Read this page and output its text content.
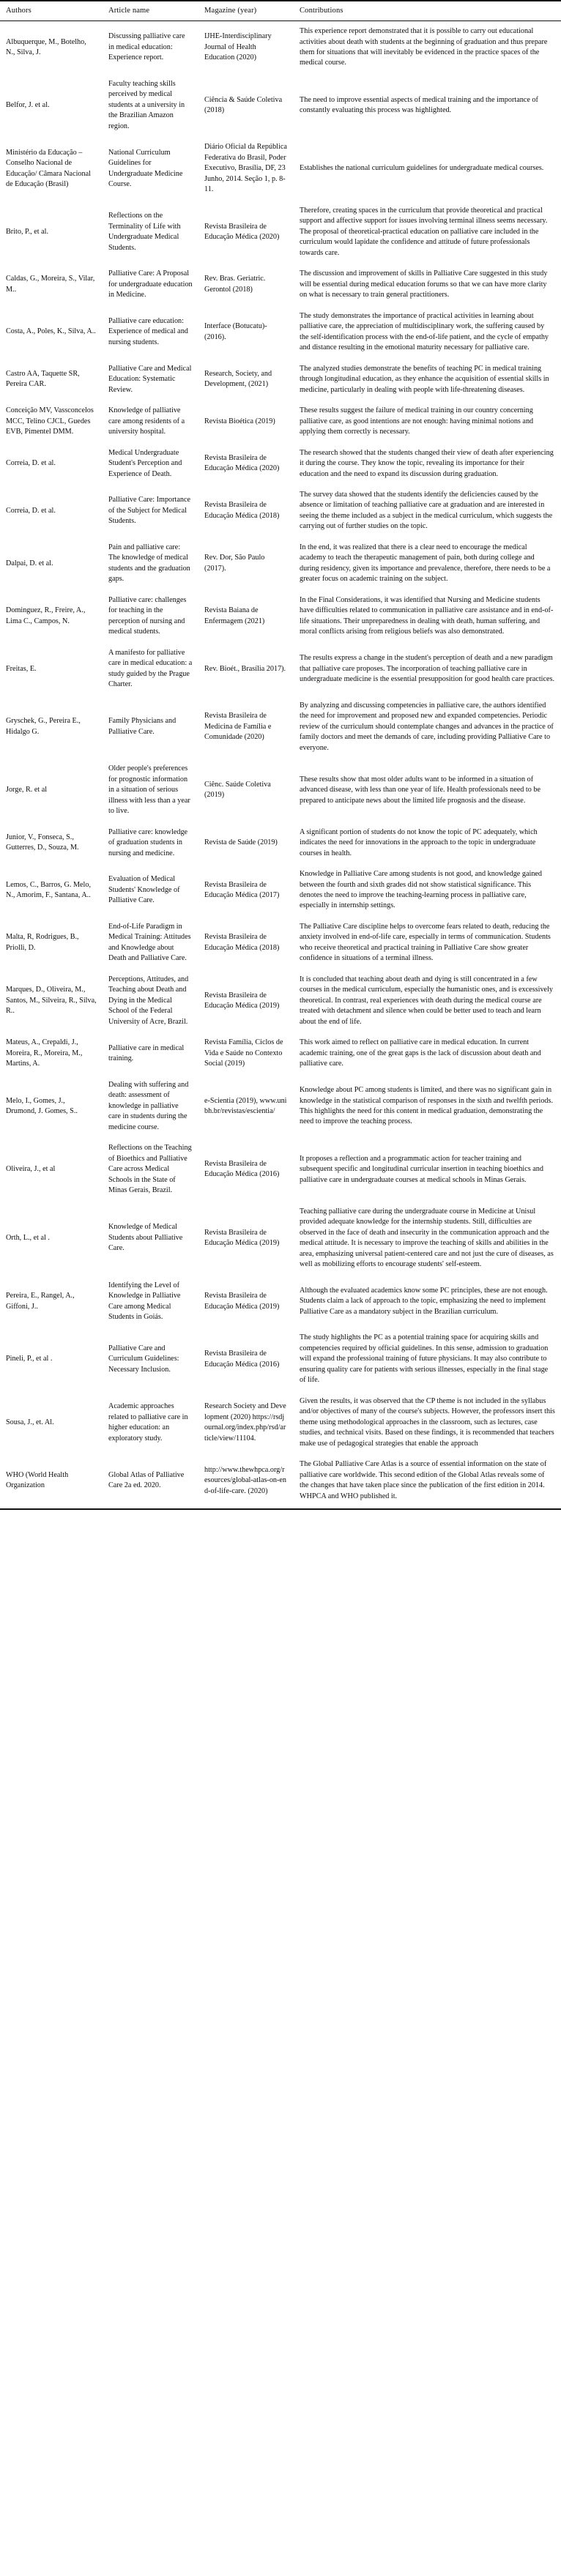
Authors	Article name	Magazine (year)	Contributions
Albuquerque, M., Botelho, N., Silva, J.	Discussing palliative care in medical education: Experience report.	IJHE-Interdisciplinary Journal of Health Education (2020)	This experience report demonstrated that it is possible to carry out educational activities about death with students at the beginning of graduation and thus prepare them for situations that will inevitably be evidenced in the practice spaces of the medical course.
Belfor, J. et al.	Faculty teaching skills perceived by medical students at a university in the Brazilian Amazon region.	Ciência & Saúde Coletiva (2018)	The need to improve essential aspects of medical training and the importance of constantly evaluating this process was highlighted.
Ministério da Educação – Conselho Nacional de Educação/ Câmara Nacional de Educação (Brasil)	National Curriculum Guidelines for Undergraduate Medicine Course.	Diário Oficial da República Federativa do Brasil, Poder Executivo, Brasília, DF, 23 Junho, 2014. Seção 1, p. 8-11.	Establishes the national curriculum guidelines for undergraduate medical courses.
Brito, P., et al.	Reflections on the Terminality of Life with Undergraduate Medical Students.	Revista Brasileira de Educação Médica (2020)	Therefore, creating spaces in the curriculum that provide theoretical and practical support and affective support for issues involving terminal illness seems necessary. The proposal of theoretical-practical education on palliative care included in the curriculum would lapidate the confidence and attitude of future professionals towards care.
Caldas, G., Moreira, S., Vilar, M..	Palliative Care: A Proposal for undergraduate education in Medicine.	Rev. Bras. Geriatric. Gerontol (2018)	The discussion and improvement of skills in Palliative Care suggested in this study will be essential during medical education forums so that we can have more clarity on what is necessary to train general practitioners.
Costa, A., Poles, K., Silva, A..	Palliative care education: Experience of medical and nursing students.	Interface (Botucatu)-(2016).	The study demonstrates the importance of practical activities in learning about palliative care, the appreciation of multidisciplinary work, the suffering caused by the self-identification process with the end-of-life patient, and the cycle of empathy and distance resulting in the emotional maturity necessary for palliative care.
Castro AA, Taquette SR, Pereira CAR.	Palliative Care and Medical Education: Systematic Review.	Research, Society, and Development, (2021)	The analyzed studies demonstrate the benefits of teaching PC in medical training through longitudinal education, as they enhance the acquisition of essential skills in medicine, particularly in dealing with people with life-threatening diseases.
Conceição MV, Vassconcelos MCC, Telino CJCL, Guedes EVB, Pimentel DMM.	Knowledge of palliative care among residents of a university hospital.	Revista Bioética (2019)	These results suggest the failure of medical training in our country concerning palliative care, as good intentions are not enough: having minimal notions and applying them correctly is necessary.
Correia, D. et al.	Medical Undergraduate Student's Perception and Experience of Death.	Revista Brasileira de Educação Médica (2020)	The research showed that the students changed their view of death after experiencing it during the course. They know the topic, revealing its importance for their education and the need to expand its discussion during graduation.
Correia, D. et al.	Palliative Care: Importance of the Subject for Medical Students.	Revista Brasileira de Educação Médica (2018)	The survey data showed that the students identify the deficiencies caused by the absence or limitation of teaching palliative care at graduation and are interested in seeing the theme included as a subject in the medical curriculum, which suggests the carrying out of further studies on the topic.
Dalpai, D. et al.	Pain and palliative care: The knowledge of medical students and the graduation gaps.	Rev. Dor, São Paulo (2017).	In the end, it was realized that there is a clear need to encourage the medical academy to teach the therapeutic management of pain, both during college and during residency, given its importance and prevalence, therefore, there needs to be a greater focus on academic training on the subject.
Dominguez, R., Freire, A., Lima C., Campos, N.	Palliative care: challenges for teaching in the perception of nursing and medical students.	Revista Baiana de Enfermagem (2021)	In the Final Considerations, it was identified that Nursing and Medicine students have difficulties related to communication in palliative care assistance and in end-of-life situations. Their unpreparedness in dealing with death, human suffering, and moral conflicts arising from religious beliefs was also demonstrated.
Freitas, E.	A manifesto for palliative care in medical education: a study guided by the Prague Charter.	Rev. Bioét., Brasília 2017).	The results express a change in the student's perception of death and a new paradigm that palliative care proposes. The incorporation of teaching palliative care in undergraduate medicine is the essential presupposition for good health care practices.
Gryschek, G., Pereira E., Hidalgo G.	Family Physicians and Palliative Care.	Revista Brasileira de Medicina de Família e Comunidade (2020)	By analyzing and discussing competencies in palliative care, the authors identified the need for improvement and proposed new and expanded competencies. Periodic review of the curriculum should contemplate changes and advances in the practice of family doctors and meet the demands of care, including providing Palliative Care to everyone.
Jorge, R. et al	Older people's preferences for prognostic information in a situation of serious illness with less than a year to live.	Ciênc. Saúde Coletiva (2019)	These results show that most older adults want to be informed in a situation of advanced disease, with less than one year of life. Health professionals need to be prepared to anticipate news about the limited life prognosis and the disease.
Junior, V., Fonseca, S., Gutterres, D., Souza, M.	Palliative care: knowledge of graduation students in nursing and medicine.	Revista de Saúde (2019)	A significant portion of students do not know the topic of PC adequately, which indicates the need for innovations in the approach to the topic in undergraduate courses in health.
Lemos, C., Barros, G. Melo, N., Amorim, F., Santana, A..	Evaluation of Medical Students' Knowledge of Palliative Care.	Revista Brasileira de Educação Médica (2017)	Knowledge in Palliative Care among students is not good, and knowledge gained between the fourth and sixth grades did not show statistical significance. This denotes the need to improve the teaching-learning process in palliative care, especially in internship settings.
Malta, R, Rodrigues, B., Priolli, D.	End-of-Life Paradigm in Medical Training: Attitudes and Knowledge about Death and Palliative Care.	Revista Brasileira de Educação Médica (2018)	The Palliative Care discipline helps to overcome fears related to death, reducing the anxiety involved in end-of-life care, especially in terms of communication. Students who receive theoretical and practical training in Palliative Care show greater confidence in situations of a terminal illness.
Marques, D., Oliveira, M., Santos, M., Silveira, R., Silva, R..	Perceptions, Attitudes, and Teaching about Death and Dying in the Medical School of the Federal University of Acre, Brazil.	Revista Brasileira de Educação Médica (2019)	It is concluded that teaching about death and dying is still concentrated in a few courses in the medical curriculum, especially the humanistic ones, and is excessively theoretical. In contrast, real experiences with death during the medical course are treated with detachment and silence when could be better used to teach and learn about the end of life.
Mateus, A., Crepaldi, J., Moreira, R., Moreira, M., Martins, A.	Palliative care in medical training.	Revista Família, Ciclos de Vida e Saúde no Contexto Social (2019)	This work aimed to reflect on palliative care in medical education. In current academic training, one of the great gaps is the lack of discussion about death and palliative care.
Melo, I., Gomes, J., Drumond, J. Gomes, S..	Dealing with suffering and death: assessment of knowledge in palliative care in students during the medicine course.	e-Scientia (2019), www.unibh.br/revistas/escientia/	Knowledge about PC among students is limited, and there was no significant gain in knowledge in the statistical comparison of responses in the sixth and twelfth periods. This highlights the need for this content in medical graduation, demonstrating the need to improve the teaching process.
Oliveira, J., et al	Reflections on the Teaching of Bioethics and Palliative Care across Medical Schools in the State of Minas Gerais, Brazil.	Revista Brasileira de Educação Médica (2016)	It proposes a reflection and a programmatic action for teacher training and subsequent specific and longitudinal curricular insertion in teaching bioethics and palliative care in undergraduate courses at medical schools in Minas Gerais.
Orth, L., et al .	Knowledge of Medical Students about Palliative Care.	Revista Brasileira de Educação Médica (2019)	Teaching palliative care during the undergraduate course in Medicine at Unisul provided adequate knowledge for the internship students. Still, difficulties are observed in the face of death and insecurity in the communication approach and the medical attitude. It is necessary to improve the teaching of skills and abilities in the area, emphasizing universal patient-centered care and not just the cure of diseases, as well as mobilizing efforts to encourage students' self-esteem.
Pereira, E., Rangel, A., Giffoni, J..	Identifying the Level of Knowledge in Palliative Care among Medical Students in Goiás.	Revista Brasileira de Educação Médica (2019)	Although the evaluated academics know some PC principles, these are not enough. Students claim a lack of approach to the topic, emphasizing the need to implement Palliative Care as a mandatory subject in the Brazilian curriculum.
Pineli, P., et al .	Palliative Care and Curriculum Guidelines: Necessary Inclusion.	Revista Brasileira de Educação Médica (2016)	The study highlights the PC as a potential training space for acquiring skills and competencies required by official guidelines. In this sense, admission to graduation will expand the professional training of future physicians. It may also contribute to ensuring quality care for patients with serious illnesses, especially in the final stage of life.
Sousa, J., et. Al.	Academic approaches related to palliative care in higher education: an exploratory study.	Research Society and Development (2020) https://rsdjournal.org/index.php/rsd/article/view/11104.	Given the results, it was observed that the CP theme is not included in the syllabus and/or objectives of many of the course's subjects. However, the professors insert this theme using methodological approaches in the classroom, such as lectures, case studies, and technical visits. Based on these findings, it is recommended that teachers make use of pedagogical strategies that enable the approach
WHO (World Health Organization	Global Atlas of Palliative Care 2a ed. 2020.	http://www.thewhpca.org/resources/global-atlas-on-end-of-life-care. (2020)	The Global Palliative Care Atlas is a source of essential information on the state of palliative care worldwide. This second edition of the Global Atlas reveals some of the changes that have taken place since the publication of the first edition in 2014. WHPCA and WHO published it.
